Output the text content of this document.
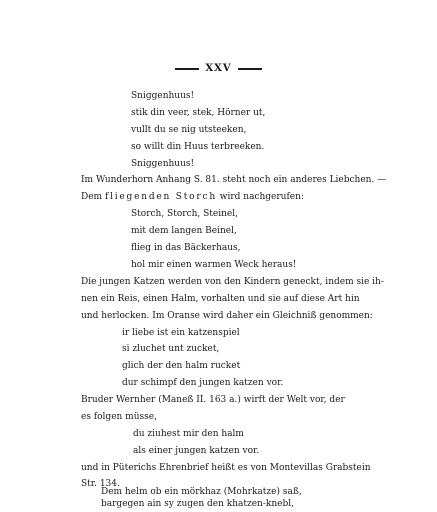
XXV
Sniggenhuus!
stik din veer, stek, Hörner ut,
vullt du se nig utsteeken,
so willt din Huus terbreeken.
Sniggenhuus!
Im Wunderhorn Anhang S. 81. steht noch ein anderes Liebchen. —
Dem fliegenden Storch wird nachgerufen:
Storch, Storch, Steinel,
mit dem langen Beinel,
flieg in das Bäckerhaus,
hol mir einen warmen Weck heraus!
Die jungen Katzen werden von den Kindern geneckt, indem sie ih-
nen ein Reis, einen Halm, vorhalten und sie auf diese Art hin
und herlocken. Im Oranse wird daher ein Gleichniß genommen:
ir liebe ist ein katzenspiel
si zluchet unt zucket,
glich der den halm rucket
dur schimpf den jungen katzen vor.
Bruder Wernher (Maneß II. 163 a.) wirft der Welt vor, der
es folgen müsse,
du ziuhest mir den halm
als einer jungen katzen vor.
und in Püterichs Ehrenbrief heißt es von Montevillas Grabstein
Str. 134.
Dem helm ob ein mörkhaz (Mohrkatze) saß,
bargegen ain sy zugen den khatzen-knebl,
